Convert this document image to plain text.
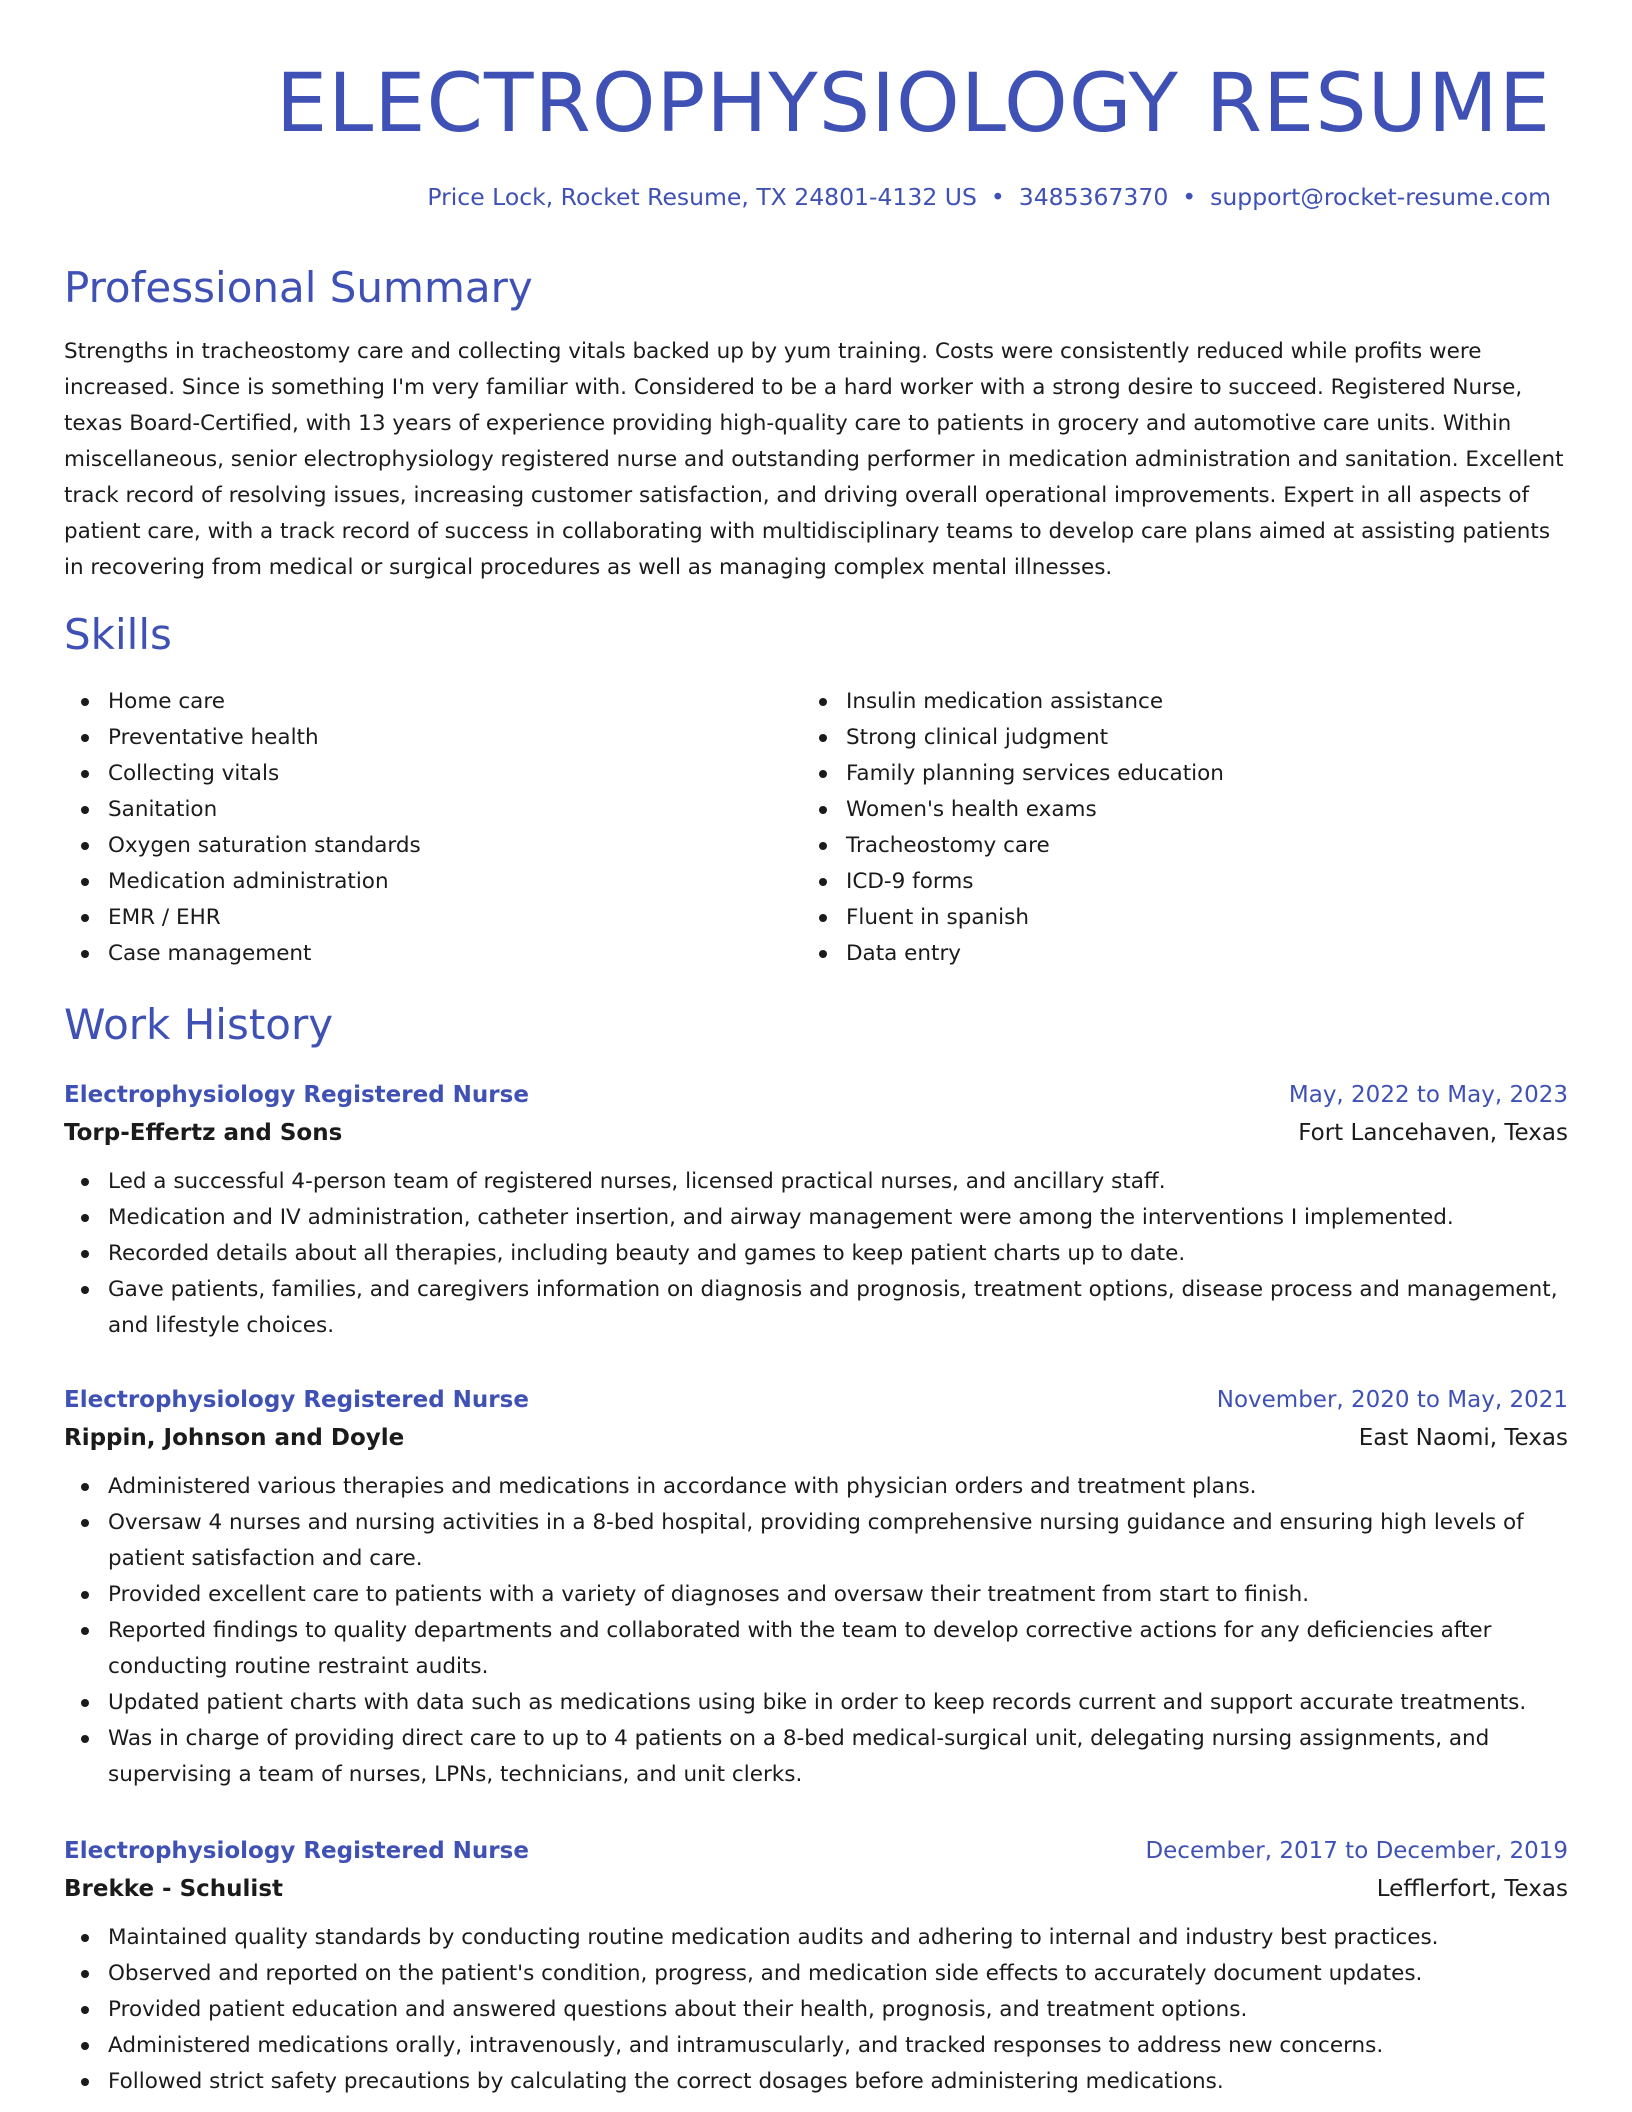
ELECTROPHYSIOLOGY RESUME
Price Lock, Rocket Resume, TX 24801-4132 US • 3485367370 • support@rocket-resume.com
Professional Summary

Strengths in tracheostomy care and collecting vitals backed up by yum training. Costs were consistently reduced while profits were increased. Since is something I'm very familiar with. Considered to be a hard worker with a strong desire to succeed. Registered Nurse, texas Board-Certified, with 13 years of experience providing high-quality care to patients in grocery and automotive care units. Within miscellaneous, senior electrophysiology registered nurse and outstanding performer in medication administration and sanitation. Excellent track record of resolving issues, increasing customer satisfaction, and driving overall operational improvements. Expert in all aspects of patient care, with a track record of success in collaborating with multidisciplinary teams to develop care plans aimed at assisting patients in recovering from medical or surgical procedures as well as managing complex mental illnesses.

Skills
Home care
Preventative health
Collecting vitals
Sanitation
Oxygen saturation standards
Medication administration
EMR / EHR
Case management
Insulin medication assistance
Strong clinical judgment
Family planning services education
Women's health exams
Tracheostomy care
ICD-9 forms
Fluent in spanish
Data entry
Work History
Electrophysiology Registered Nurse	May, 2022 to May, 2023
Torp-Effertz and Sons	Fort Lancehaven, Texas
Led a successful 4-person team of registered nurses, licensed practical nurses, and ancillary staff.
Medication and IV administration, catheter insertion, and airway management were among the interventions I implemented.
Recorded details about all therapies, including beauty and games to keep patient charts up to date.
Gave patients, families, and caregivers information on diagnosis and prognosis, treatment options, disease process and management, and lifestyle choices.
Electrophysiology Registered Nurse	November, 2020 to May, 2021
Rippin, Johnson and Doyle	East Naomi, Texas
Administered various therapies and medications in accordance with physician orders and treatment plans.
Oversaw 4 nurses and nursing activities in a 8-bed hospital, providing comprehensive nursing guidance and ensuring high levels of patient satisfaction and care.
Provided excellent care to patients with a variety of diagnoses and oversaw their treatment from start to finish.
Reported findings to quality departments and collaborated with the team to develop corrective actions for any deficiencies after conducting routine restraint audits.
Updated patient charts with data such as medications using bike in order to keep records current and support accurate treatments.
Was in charge of providing direct care to up to 4 patients on a 8-bed medical-surgical unit, delegating nursing assignments, and supervising a team of nurses, LPNs, technicians, and unit clerks.
Electrophysiology Registered Nurse	December, 2017 to December, 2019
Brekke - Schulist	Lefflerfort, Texas
Maintained quality standards by conducting routine medication audits and adhering to internal and industry best practices.
Observed and reported on the patient's condition, progress, and medication side effects to accurately document updates.
Provided patient education and answered questions about their health, prognosis, and treatment options.
Administered medications orally, intravenously, and intramuscularly, and tracked responses to address new concerns.
Followed strict safety precautions by calculating the correct dosages before administering medications.
